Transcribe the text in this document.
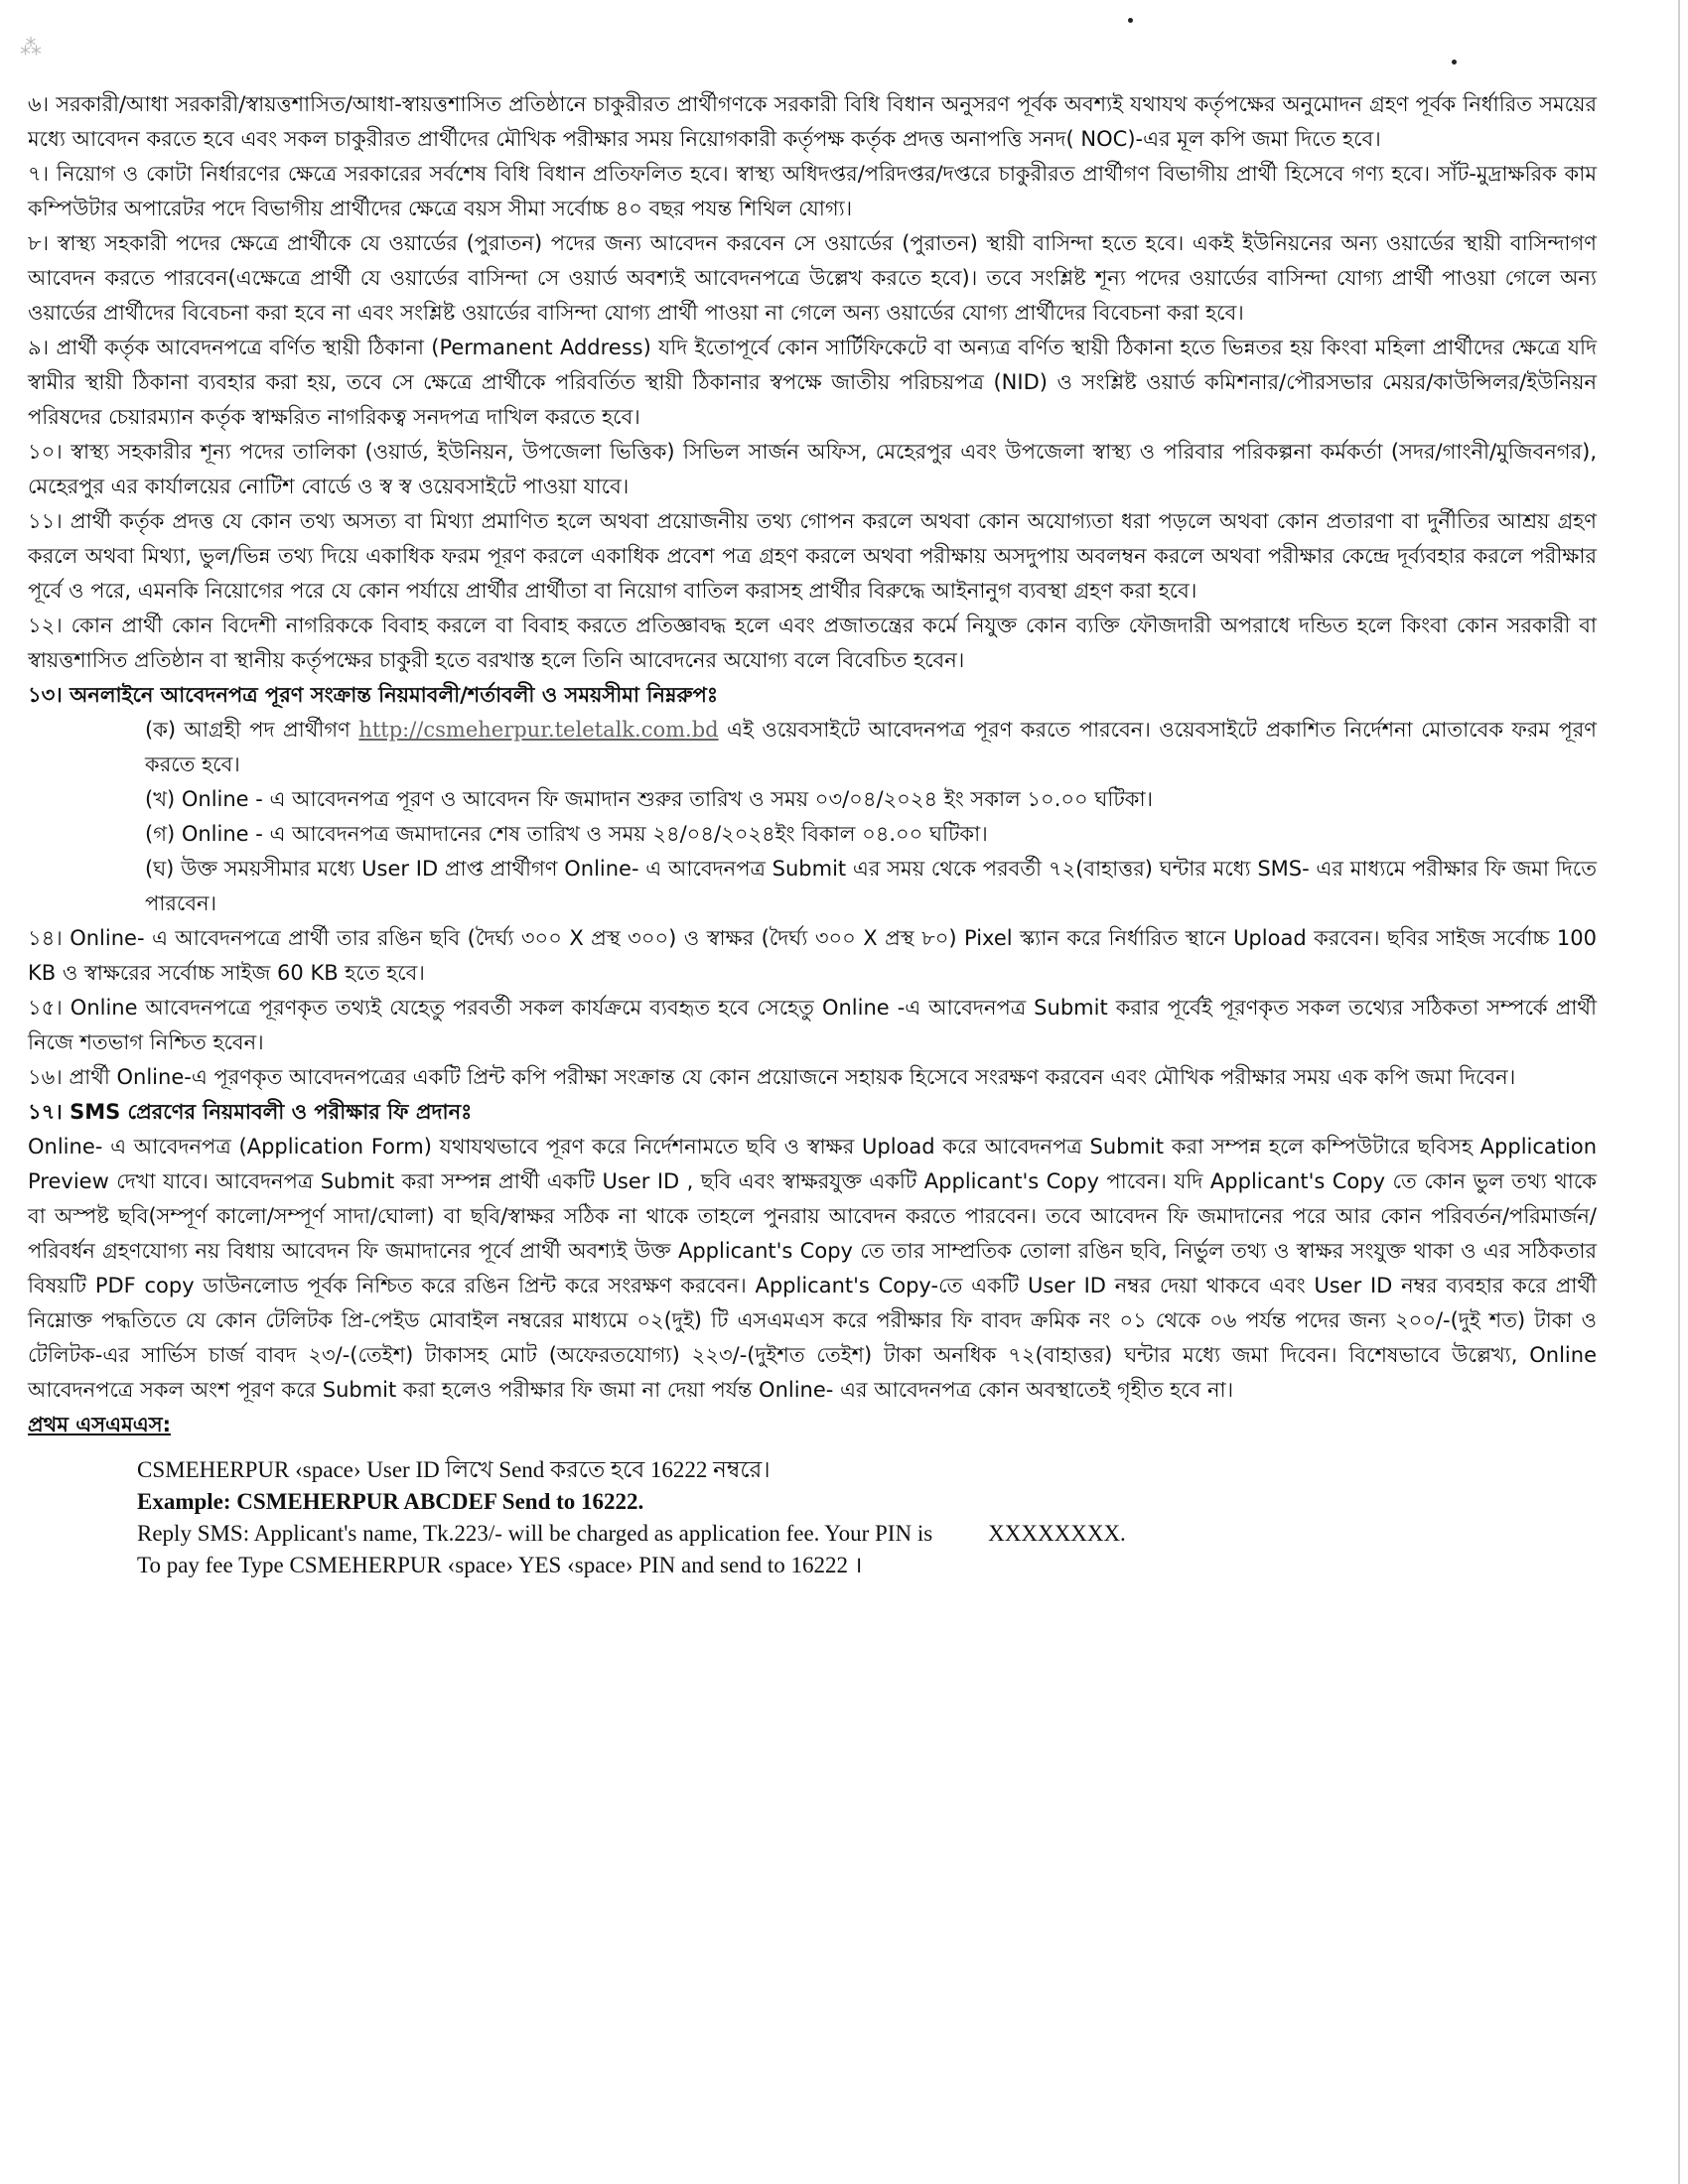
⁂

৬। সরকারী/আধা সরকারী/স্বায়ত্তশাসিত/আধা-স্বায়ত্তশাসিত প্রতিষ্ঠানে চাকুরীরত প্রার্থীগণকে সরকারী বিধি বিধান অনুসরণ পূর্বক অবশ্যই যথাযথ কর্তৃপক্ষের অনুমোদন গ্রহণ পূর্বক নির্ধারিত সময়ের মধ্যে আবেদন করতে হবে এবং সকল চাকুরীরত প্রার্থীদের মৌখিক পরীক্ষার সময় নিয়োগকারী কর্তৃপক্ষ কর্তৃক প্রদত্ত অনাপত্তি সনদ( NOC)-এর মূল কপি জমা দিতে হবে।

৭। নিয়োগ ও কোটা নির্ধারণের ক্ষেত্রে সরকারের সর্বশেষ বিধি বিধান প্রতিফলিত হবে। স্বাস্থ্য অধিদপ্তর/পরিদপ্তর/দপ্তরে চাকুরীরত প্রার্থীগণ বিভাগীয় প্রার্থী হিসেবে গণ্য হবে। সাঁট-মুদ্রাক্ষরিক কাম কম্পিউটার অপারেটর পদে বিভাগীয় প্রার্থীদের ক্ষেত্রে বয়স সীমা সর্বোচ্চ ৪০ বছর পযন্ত শিথিল যোগ্য।

৮। স্বাস্থ্য সহকারী পদের ক্ষেত্রে প্রার্থীকে যে ওয়ার্ডের (পুরাতন) পদের জন্য আবেদন করবেন সে ওয়ার্ডের (পুরাতন) স্থায়ী বাসিন্দা হতে হবে। একই ইউনিয়নের অন্য ওয়ার্ডের স্থায়ী বাসিন্দাগণ আবেদন করতে পারবেন(এক্ষেত্রে প্রার্থী যে ওয়ার্ডের বাসিন্দা সে ওয়ার্ড অবশ্যই আবেদনপত্রে উল্লেখ করতে হবে)। তবে সংশ্লিষ্ট শূন্য পদের ওয়ার্ডের বাসিন্দা যোগ্য প্রার্থী পাওয়া গেলে অন্য ওয়ার্ডের প্রার্থীদের বিবেচনা করা হবে না এবং সংশ্লিষ্ট ওয়ার্ডের বাসিন্দা যোগ্য প্রার্থী পাওয়া না গেলে অন্য ওয়ার্ডের যোগ্য প্রার্থীদের বিবেচনা করা হবে।

৯। প্রার্থী কর্তৃক আবেদনপত্রে বর্ণিত স্থায়ী ঠিকানা (Permanent Address) যদি ইতোপূর্বে কোন সার্টিফিকেটে বা অন্যত্র বর্ণিত স্থায়ী ঠিকানা হতে ভিন্নতর হয় কিংবা মহিলা প্রার্থীদের ক্ষেত্রে যদি স্বামীর স্থায়ী ঠিকানা ব্যবহার করা হয়, তবে সে ক্ষেত্রে প্রার্থীকে পরিবর্তিত স্থায়ী ঠিকানার স্বপক্ষে জাতীয় পরিচয়পত্র (NID) ও সংশ্লিষ্ট ওয়ার্ড কমিশনার/পৌরসভার মেয়র/কাউন্সিলর/ইউনিয়ন পরিষদের চেয়ারম্যান কর্তৃক স্বাক্ষরিত নাগরিকত্ব সনদপত্র দাখিল করতে হবে।

১০। স্বাস্থ্য সহকারীর শূন্য পদের তালিকা (ওয়ার্ড, ইউনিয়ন, উপজেলা ভিত্তিক) সিভিল সার্জন অফিস, মেহেরপুর এবং উপজেলা স্বাস্থ্য ও পরিবার পরিকল্পনা কর্মকর্তা (সদর/গাংনী/মুজিবনগর), মেহেরপুর এর কার্যালয়ের নোটিশ বোর্ডে ও স্ব স্ব ওয়েবসাইটে পাওয়া যাবে।

১১। প্রার্থী কর্তৃক প্রদত্ত যে কোন তথ্য অসত্য বা মিথ্যা প্রমাণিত হলে অথবা প্রয়োজনীয় তথ্য গোপন করলে অথবা কোন অযোগ্যতা ধরা পড়লে অথবা কোন প্রতারণা বা দুর্নীতির আশ্রয় গ্রহণ করলে অথবা মিথ্যা, ভুল/ভিন্ন তথ্য দিয়ে একাধিক ফরম পূরণ করলে একাধিক প্রবেশ পত্র গ্রহণ করলে অথবা পরীক্ষায় অসদুপায় অবলম্বন করলে অথবা পরীক্ষার কেন্দ্রে দূর্ব্যবহার করলে পরীক্ষার পূর্বে ও পরে, এমনকি নিয়োগের পরে যে কোন পর্যায়ে প্রার্থীর প্রার্থীতা বা নিয়োগ বাতিল করাসহ প্রার্থীর বিরুদ্ধে আইনানুগ ব্যবস্থা গ্রহণ করা হবে।

১২। কোন প্রার্থী কোন বিদেশী নাগরিককে বিবাহ করলে বা বিবাহ করতে প্রতিজ্ঞাবদ্ধ হলে এবং প্রজাতন্ত্রের কর্মে নিযুক্ত কোন ব্যক্তি ফৌজদারী অপরাধে দন্ডিত হলে কিংবা কোন সরকারী বা স্বায়ত্তশাসিত প্রতিষ্ঠান বা স্থানীয় কর্তৃপক্ষের চাকুরী হতে বরখাস্ত হলে তিনি আবেদনের অযোগ্য বলে বিবেচিত হবেন।

১৩। অনলাইনে আবেদনপত্র পূরণ সংক্রান্ত নিয়মাবলী/শর্তাবলী ও সময়সীমা নিম্নরুপঃ

(ক) আগ্রহী পদ প্রার্থীগণ http://csmeherpur.teletalk.com.bd এই ওয়েবসাইটে আবেদনপত্র পূরণ করতে পারবেন। ওয়েবসাইটে প্রকাশিত নির্দেশনা মোতাবেক ফরম পূরণ করতে হবে।

(খ) Online - এ আবেদনপত্র পূরণ ও আবেদন ফি জমাদান শুরুর তারিখ ও সময় ০৩/০৪/২০২৪ ইং সকাল ১০.০০ ঘটিকা।

(গ) Online - এ আবেদনপত্র জমাদানের শেষ তারিখ ও সময় ২৪/০৪/২০২৪ইং বিকাল ০৪.০০ ঘটিকা।

(ঘ) উক্ত সময়সীমার মধ্যে User ID প্রাপ্ত প্রার্থীগণ Online- এ আবেদনপত্র Submit এর সময় থেকে পরবর্তী ৭২(বাহাত্তর) ঘন্টার মধ্যে SMS- এর মাধ্যমে পরীক্ষার ফি জমা দিতে পারবেন।

১৪। Online- এ আবেদনপত্রে প্রার্থী তার রঙিন ছবি (দৈর্ঘ্য ৩০০ X প্রস্থ ৩০০) ও স্বাক্ষর (দৈর্ঘ্য ৩০০ X প্রস্থ ৮০) Pixel স্ক্যান করে নির্ধারিত স্থানে Upload করবেন। ছবির সাইজ সর্বোচ্চ 100 KB ও স্বাক্ষরের সর্বোচ্চ সাইজ 60 KB হতে হবে।

১৫। Online আবেদনপত্রে পূরণকৃত তথ্যই যেহেতু পরবর্তী সকল কার্যক্রমে ব্যবহৃত হবে সেহেতু Online -এ আবেদনপত্র Submit করার পূর্বেই পূরণকৃত সকল তথ্যের সঠিকতা সম্পর্কে প্রার্থী নিজে শতভাগ নিশ্চিত হবেন।

১৬। প্রার্থী Online-এ পূরণকৃত আবেদনপত্রের একটি প্রিন্ট কপি পরীক্ষা সংক্রান্ত যে কোন প্রয়োজনে সহায়ক হিসেবে সংরক্ষণ করবেন এবং মৌখিক পরীক্ষার সময় এক কপি জমা দিবেন।

১৭। SMS প্রেরণের নিয়মাবলী ও পরীক্ষার ফি প্রদানঃ

Online- এ আবেদনপত্র (Application Form) যথাযথভাবে পূরণ করে নির্দেশনামতে ছবি ও স্বাক্ষর Upload করে আবেদনপত্র Submit করা সম্পন্ন হলে কম্পিউটারে ছবিসহ Application Preview দেখা যাবে। আবেদনপত্র Submit করা সম্পন্ন প্রার্থী একটি User ID , ছবি এবং স্বাক্ষরযুক্ত একটি Applicant's Copy পাবেন। যদি Applicant's Copy তে কোন ভুল তথ্য থাকে বা অস্পষ্ট ছবি(সম্পূর্ণ কালো/সম্পূর্ণ সাদা/ঘোলা) বা ছবি/স্বাক্ষর সঠিক না থাকে তাহলে পুনরায় আবেদন করতে পারবেন। তবে আবেদন ফি জমাদানের পরে আর কোন পরিবর্তন/পরিমার্জন/পরিবর্ধন গ্রহণযোগ্য নয় বিধায় আবেদন ফি জমাদানের পূর্বে প্রার্থী অবশ্যই উক্ত Applicant's Copy তে তার সাম্প্রতিক তোলা রঙিন ছবি, নির্ভুল তথ্য ও স্বাক্ষর সংযুক্ত থাকা ও এর সঠিকতার বিষয়টি PDF copy ডাউনলোড পূর্বক নিশ্চিত করে রঙিন প্রিন্ট করে সংরক্ষণ করবেন। Applicant's Copy-তে একটি User ID নম্বর দেয়া থাকবে এবং User ID নম্বর ব্যবহার করে প্রার্থী নিম্নোক্ত পদ্ধতিতে যে কোন টেলিটক প্রি-পেইড মোবাইল নম্বরের মাধ্যমে ০২(দুই) টি এসএমএস করে পরীক্ষার ফি বাবদ ক্রমিক নং ০১ থেকে ০৬ পর্যন্ত পদের জন্য ২০০/-(দুই শত) টাকা ও টেলিটক-এর সার্ভিস চার্জ বাবদ ২৩/-(তেইশ) টাকাসহ মোট (অফেরতযোগ্য) ২২৩/-(দুইশত তেইশ) টাকা অনধিক ৭২(বাহাত্তর) ঘন্টার মধ্যে জমা দিবেন। বিশেষভাবে উল্লেখ্য, Online আবেদনপত্রে সকল অংশ পূরণ করে Submit করা হলেও পরীক্ষার ফি জমা না দেয়া পর্যন্ত Online- এর আবেদনপত্র কোন অবস্থাতেই গৃহীত হবে না।

প্রথম এসএমএস:

CSMEHERPUR ‹space› User ID লিখে Send করতে হবে 16222 নম্বরে।
Example: CSMEHERPUR ABCDEF Send to 16222.
Reply SMS: Applicant's name, Tk.223/- will be charged as application fee. Your PIN is XXXXXXXX.
To pay fee Type CSMEHERPUR ‹space› YES ‹space› PIN and send to 16222 ।
